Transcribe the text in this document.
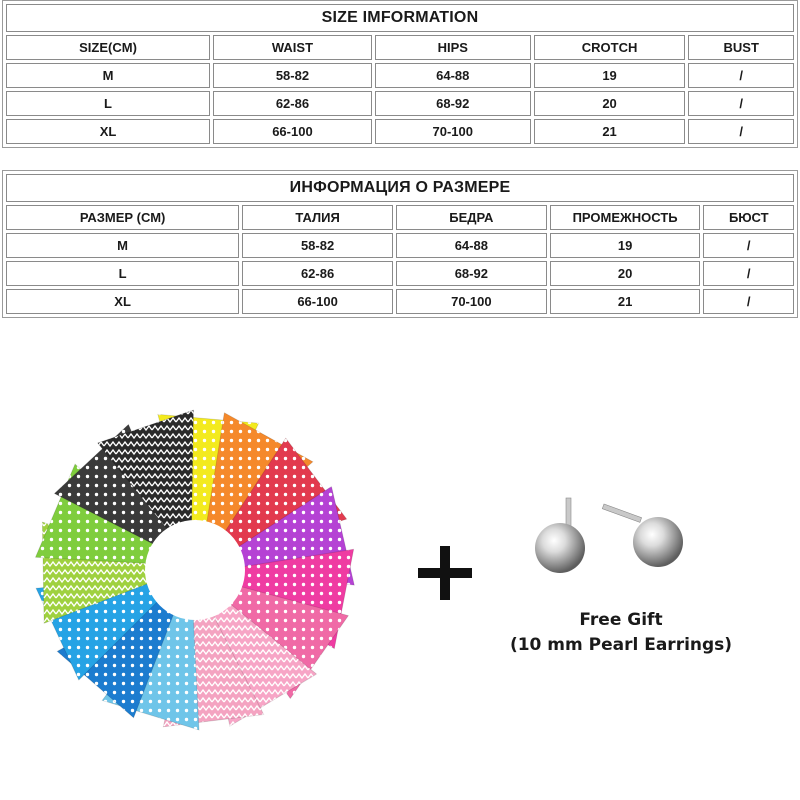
SIZE IMFORMATION				
SIZE(CM)	WAIST	HIPS	CROTCH	BUST
M	58-82	64-88	19	/
L	62-86	68-92	20	/
XL	66-100	70-100	21	/
ИНФОРМАЦИЯ О РАЗМЕРЕ				
РАЗМЕР (СМ)	ТАЛИЯ	БЕДРА	ПРОМЕЖНОСТЬ	БЮСТ
M	58-82	64-88	19	/
L	62-86	68-92	20	/
XL	66-100	70-100	21	/
Free Gift
(10 mm Pearl Earrings)
